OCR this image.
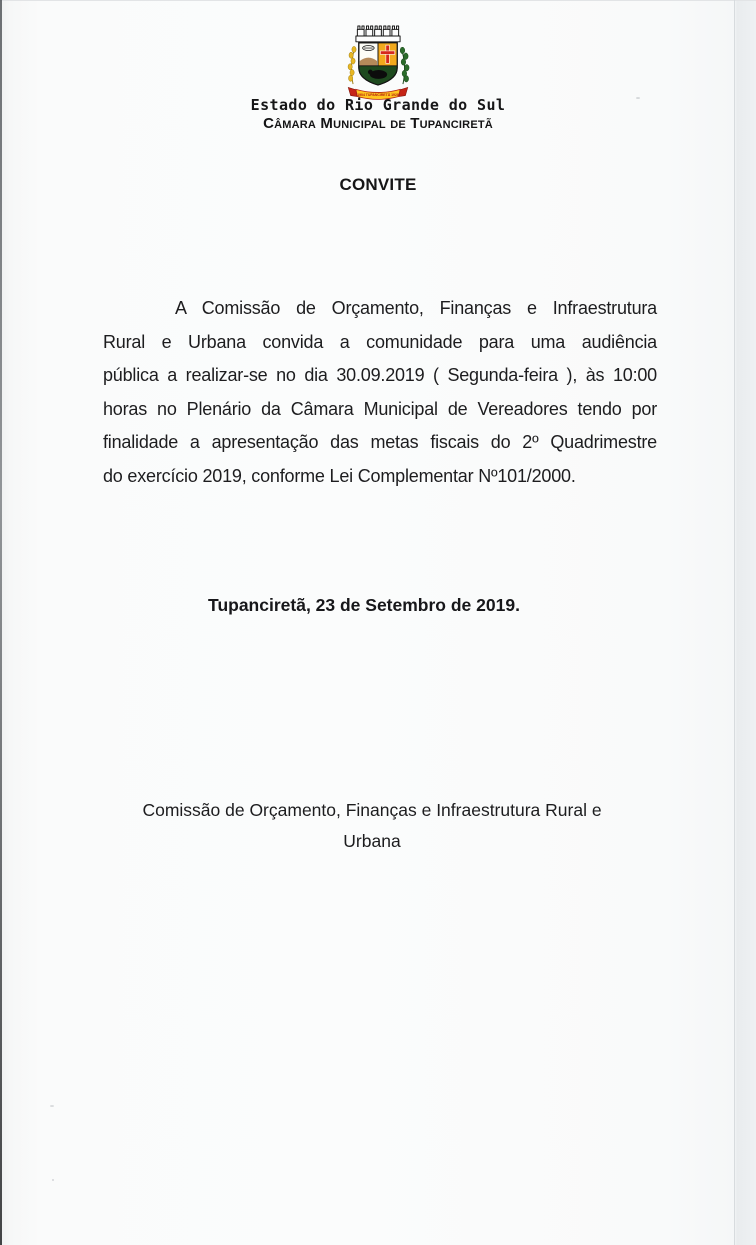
1904 TUPANCIRETÃ 1928
Estado do Rio Grande do Sul
Câmara Municipal de Tupanciretã
CONVITE
A Comissão de Orçamento, Finanças e Infraestrutura
Rural e Urbana convida a comunidade para uma audiência
pública a realizar-se no dia 30.09.2019 ( Segunda-feira ), às 10:00
horas no Plenário da Câmara Municipal de Vereadores tendo por
finalidade a apresentação das metas fiscais do 2º Quadrimestre
do exercício 2019, conforme Lei Complementar Nº101/2000.
Tupanciretã, 23 de Setembro de 2019.
Comissão de Orçamento, Finanças e Infraestrutura Rural e
Urbana
